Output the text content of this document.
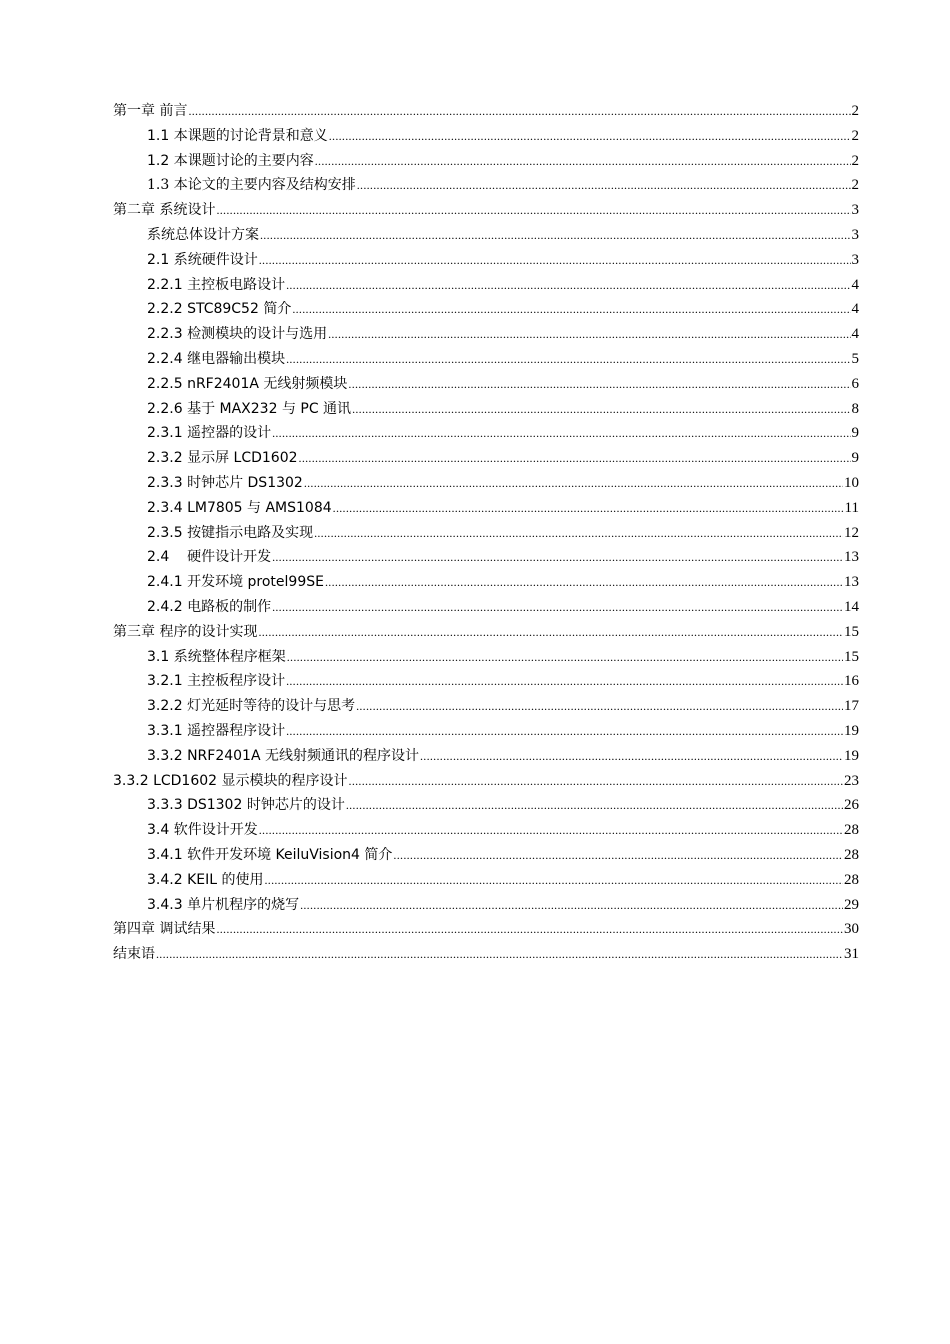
第一章 前言 .....	2
1.1 本课题的讨论背景和意义 .....	2
1.2 本课题讨论的主要内容 .....	2
1.3 本论文的主要内容及结构安排 .....	2
第二章 系统设计 .....	3
系统总体设计方案 .....	3
2.1 系统硬件设计 .....	3
2.2.1 主控板电路设计 .....	4
2.2.2 STC89C52 简介 .....	4
2.2.3 检测模块的设计与选用 .....	4
2.2.4 继电器输出模块 .....	5
2.2.5 nRF2401A 无线射频模块 .....	6
2.2.6 基于 MAX232 与 PC 通讯 .....	8
2.3.1 遥控器的设计 .....	9
2.3.2 显示屏 LCD1602 .....	9
2.3.3 时钟芯片 DS1302 .....	10
2.3.4 LM7805 与 AMS1084 .....	11
2.3.5 按键指示电路及实现 .....	12
2.4    硬件设计开发 .....	13
2.4.1 开发环境 protel99SE .....	13
2.4.2 电路板的制作 .....	14
第三章 程序的设计实现 .....	15
3.1 系统整体程序框架 .....	15
3.2.1 主控板程序设计 .....	16
3.2.2 灯光延时等待的设计与思考 .....	17
3.3.1 遥控器程序设计 .....	19
3.3.2 NRF2401A 无线射频通讯的程序设计 .....	19
3.3.2 LCD1602 显示模块的程序设计 .....	23
3.3.3 DS1302 时钟芯片的设计 .....	26
3.4 软件设计开发 .....	28
3.4.1 软件开发环境 KeiluVision4 简介 .....	28
3.4.2 KEIL 的使用 .....	28
3.4.3 单片机程序的烧写 .....	29
第四章 调试结果 .....	30
结束语 .....	31
